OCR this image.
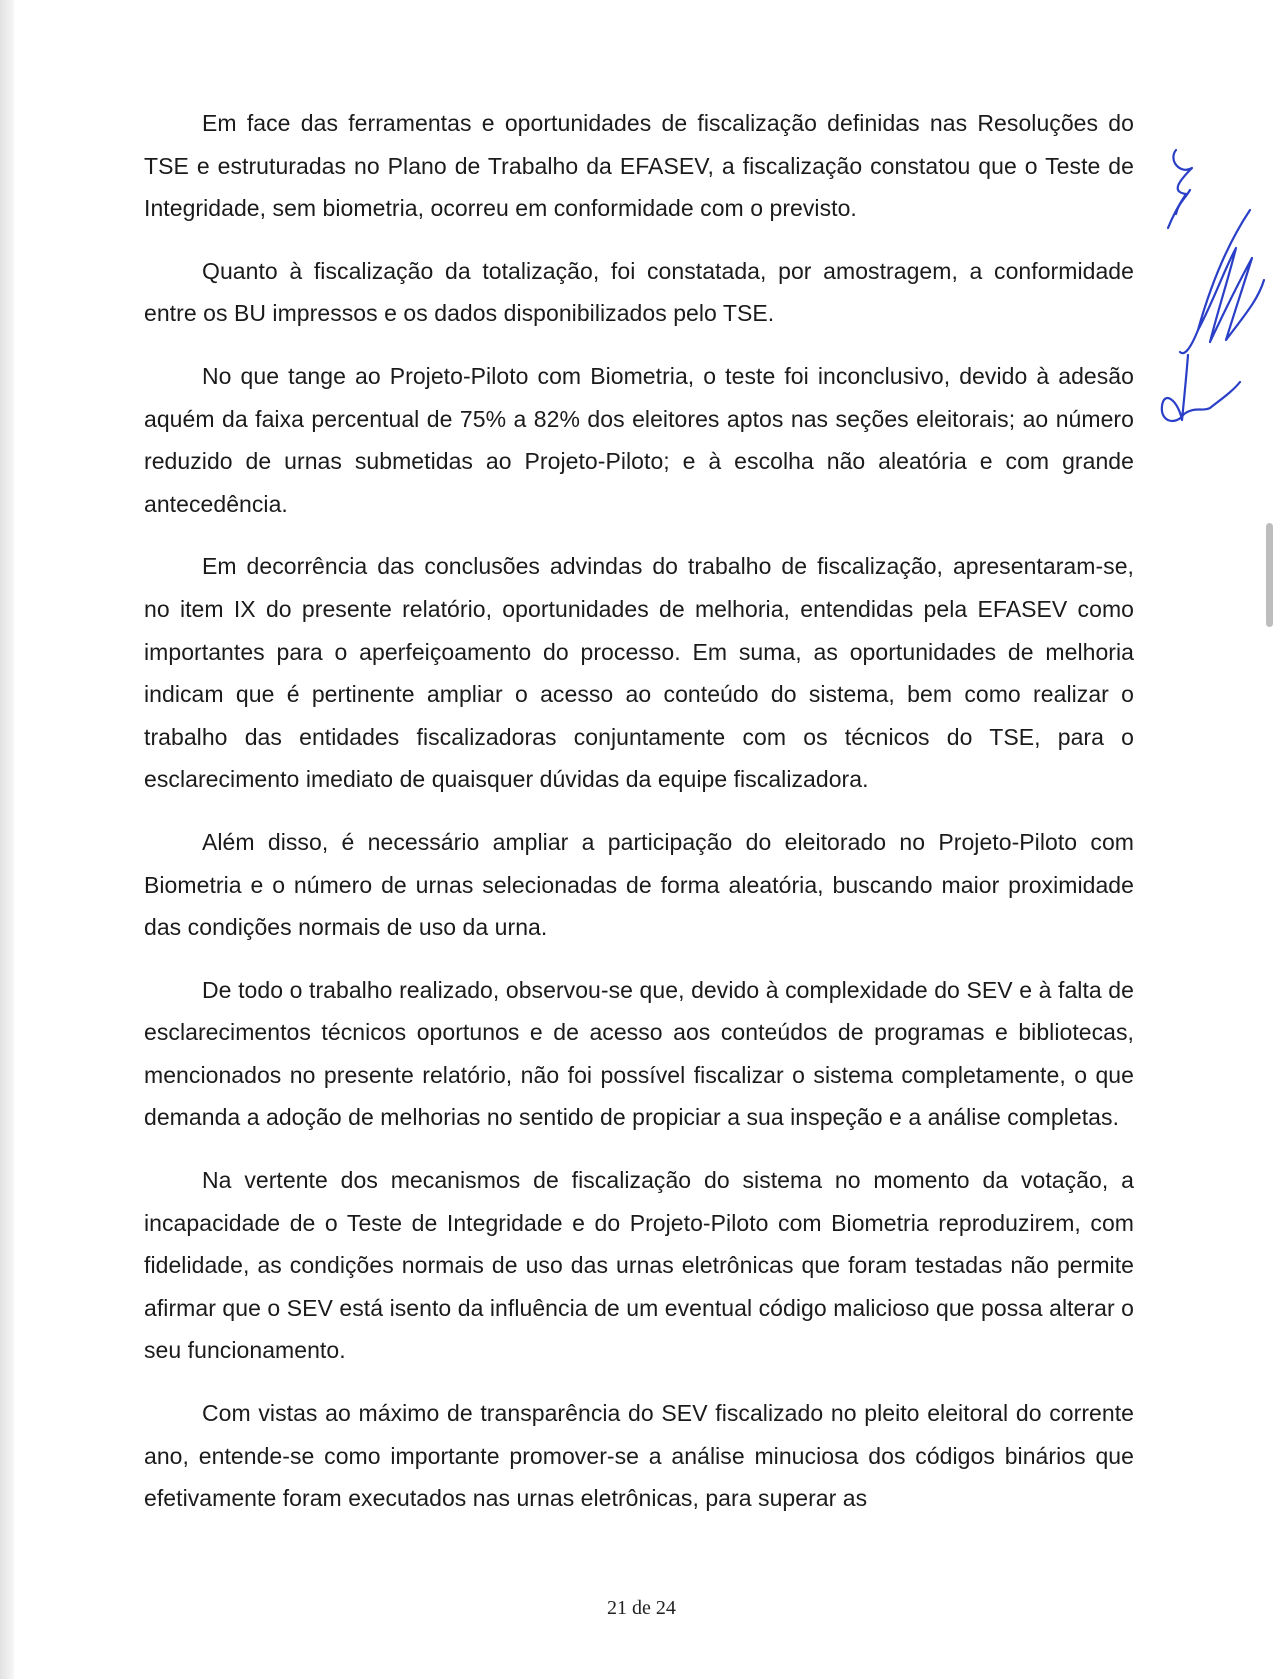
Em face das ferramentas e oportunidades de fiscalização definidas nas Resoluções do TSE e estruturadas no Plano de Trabalho da EFASEV, a fiscalização constatou que o Teste de Integridade, sem biometria, ocorreu em conformidade com o previsto.

Quanto à fiscalização da totalização, foi constatada, por amostragem, a conformidade entre os BU impressos e os dados disponibilizados pelo TSE.

No que tange ao Projeto-Piloto com Biometria, o teste foi inconclusivo, devido à adesão aquém da faixa percentual de 75% a 82% dos eleitores aptos nas seções eleitorais; ao número reduzido de urnas submetidas ao Projeto-Piloto; e à escolha não aleatória e com grande antecedência.

Em decorrência das conclusões advindas do trabalho de fiscalização, apresentaram-se, no item IX do presente relatório, oportunidades de melhoria, entendidas pela EFASEV como importantes para o aperfeiçoamento do processo. Em suma, as oportunidades de melhoria indicam que é pertinente ampliar o acesso ao conteúdo do sistema, bem como realizar o trabalho das entidades fiscalizadoras conjuntamente com os técnicos do TSE, para o esclarecimento imediato de quaisquer dúvidas da equipe fiscalizadora.

Além disso, é necessário ampliar a participação do eleitorado no Projeto-Piloto com Biometria e o número de urnas selecionadas de forma aleatória, buscando maior proximidade das condições normais de uso da urna.

De todo o trabalho realizado, observou-se que, devido à complexidade do SEV e à falta de esclarecimentos técnicos oportunos e de acesso aos conteúdos de programas e bibliotecas, mencionados no presente relatório, não foi possível fiscalizar o sistema completamente, o que demanda a adoção de melhorias no sentido de propiciar a sua inspeção e a análise completas.

Na vertente dos mecanismos de fiscalização do sistema no momento da votação, a incapacidade de o Teste de Integridade e do Projeto-Piloto com Biometria reproduzirem, com fidelidade, as condições normais de uso das urnas eletrônicas que foram testadas não permite afirmar que o SEV está isento da influência de um eventual código malicioso que possa alterar o seu funcionamento.

Com vistas ao máximo de transparência do SEV fiscalizado no pleito eleitoral do corrente ano, entende-se como importante promover-se a análise minuciosa dos códigos binários que efetivamente foram executados nas urnas eletrônicas, para superar as

21 de 24
